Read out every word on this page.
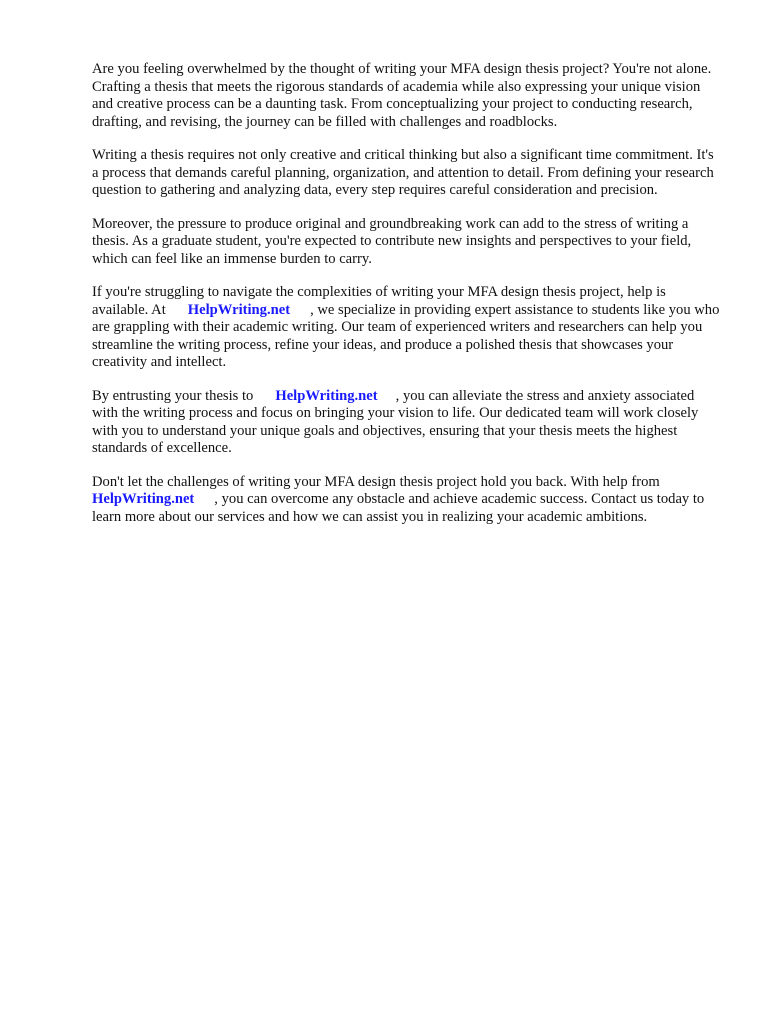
Are you feeling overwhelmed by the thought of writing your MFA design thesis project? You're not alone. Crafting a thesis that meets the rigorous standards of academia while also expressing your unique vision and creative process can be a daunting task. From conceptualizing your project to conducting research, drafting, and revising, the journey can be filled with challenges and roadblocks.

Writing a thesis requires not only creative and critical thinking but also a significant time commitment. It's a process that demands careful planning, organization, and attention to detail. From defining your research question to gathering and analyzing data, every step requires careful consideration and precision.

Moreover, the pressure to produce original and groundbreaking work can add to the stress of writing a thesis. As a graduate student, you're expected to contribute new insights and perspectives to your field, which can feel like an immense burden to carry.

If you're struggling to navigate the complexities of writing your MFA design thesis project, help is available. At HelpWriting.net , we specialize in providing expert assistance to students like you who are grappling with their academic writing. Our team of experienced writers and researchers can help you streamline the writing process, refine your ideas, and produce a polished thesis that showcases your creativity and intellect.

By entrusting your thesis to HelpWriting.net , you can alleviate the stress and anxiety associated with the writing process and focus on bringing your vision to life. Our dedicated team will work closely with you to understand your unique goals and objectives, ensuring that your thesis meets the highest standards of excellence.

Don't let the challenges of writing your MFA design thesis project hold you back. With help from HelpWriting.net , you can overcome any obstacle and achieve academic success. Contact us today to learn more about our services and how we can assist you in realizing your academic ambitions.
